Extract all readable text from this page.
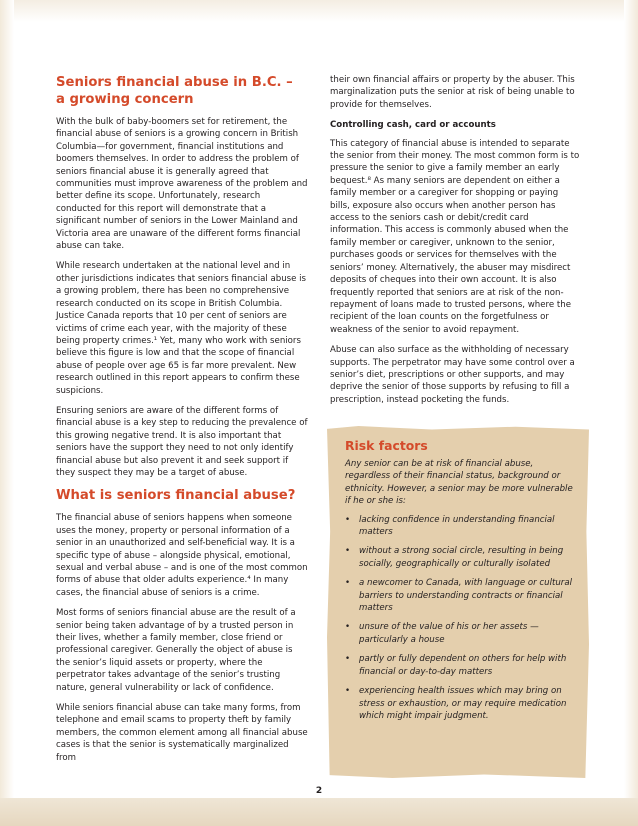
Seniors financial abuse in B.C. –
a growing concern

With the bulk of baby-boomers set for retirement, the financial abuse of seniors is a growing concern in British Columbia—for government, financial institutions and boomers themselves. In order to address the problem of seniors financial abuse it is generally agreed that communities must improve awareness of the problem and better define its scope. Unfortunately, research conducted for this report will demonstrate that a significant number of seniors in the Lower Mainland and Victoria area are unaware of the different forms financial abuse can take.

While research undertaken at the national level and in other jurisdictions indicates that seniors financial abuse is a growing problem, there has been no comprehensive research conducted on its scope in British Columbia. Justice Canada reports that 10 per cent of seniors are victims of crime each year, with the majority of these being property crimes.¹ Yet, many who work with seniors believe this figure is low and that the scope of financial abuse of people over age 65 is far more prevalent. New research outlined in this report appears to confirm these suspicions.

Ensuring seniors are aware of the different forms of financial abuse is a key step to reducing the prevalence of this growing negative trend. It is also important that seniors have the support they need to not only identify financial abuse but also prevent it and seek support if they suspect they may be a target of abuse.

What is seniors financial abuse?

The financial abuse of seniors happens when someone uses the money, property or personal information of a senior in an unauthorized and self-beneficial way. It is a specific type of abuse – alongside physical, emotional, sexual and verbal abuse – and is one of the most common forms of abuse that older adults experience.⁴ In many cases, the financial abuse of seniors is a crime.

Most forms of seniors financial abuse are the result of a senior being taken advantage of by a trusted person in their lives, whether a family member, close friend or professional caregiver. Generally the object of abuse is the senior’s liquid assets or property, where the perpetrator takes advantage of the senior’s trusting nature, general vulnerability or lack of confidence.

While seniors financial abuse can take many forms, from telephone and email scams to property theft by family members, the common element among all financial abuse cases is that the senior is systematically marginalized from

their own financial affairs or property by the abuser. This marginalization puts the senior at risk of being unable to provide for themselves.

Controlling cash, card or accounts

This category of financial abuse is intended to separate the senior from their money. The most common form is to pressure the senior to give a family member an early bequest.⁸ As many seniors are dependent on either a family member or a caregiver for shopping or paying bills, exposure also occurs when another person has access to the seniors cash or debit/credit card information. This access is commonly abused when the family member or caregiver, unknown to the senior, purchases goods or services for themselves with the seniors’ money. Alternatively, the abuser may misdirect deposits of cheques into their own account. It is also frequently reported that seniors are at risk of the non-repayment of loans made to trusted persons, where the recipient of the loan counts on the forgetfulness or weakness of the senior to avoid repayment.

Abuse can also surface as the withholding of necessary supports. The perpetrator may have some control over a senior’s diet, prescriptions or other supports, and may deprive the senior of those supports by refusing to fill a prescription, instead pocketing the funds.

Risk factors
Any senior can be at risk of financial abuse, regardless of their financial status, background or ethnicity. However, a senior may be more vulnerable if he or she is:
• lacking confidence in understanding financial matters
• without a strong social circle, resulting in being socially, geographically or culturally isolated
• a newcomer to Canada, with language or cultural barriers to understanding contracts or financial matters
• unsure of the value of his or her assets — particularly a house
• partly or fully dependent on others for help with financial or day-to-day matters
• experiencing health issues which may bring on stress or exhaustion, or may require medication which might impair judgment.
2
